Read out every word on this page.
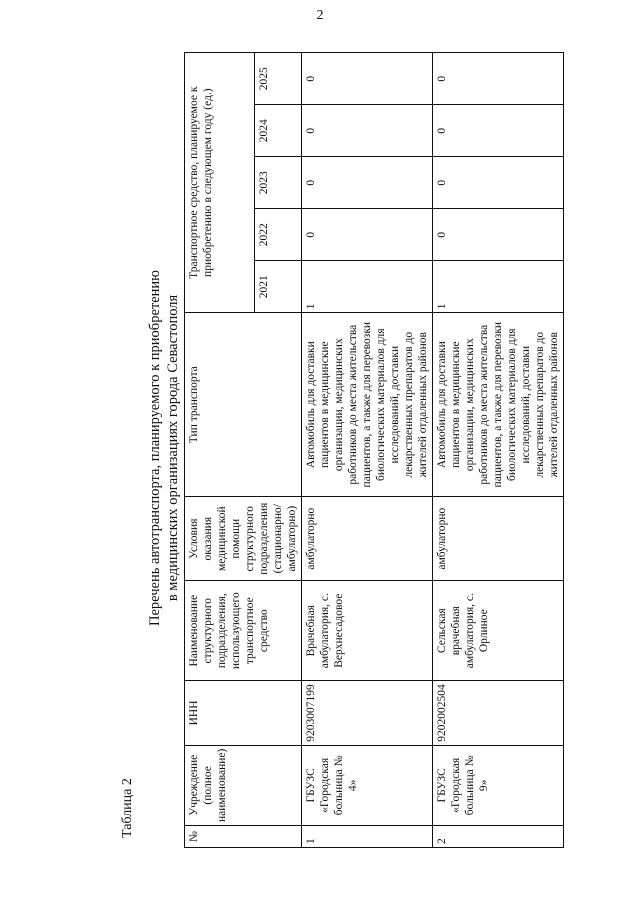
2
Таблица 2
Перечень автотранспорта, планируемого к приобретению в медицинских организациях города Севастополя
№	Учреждение (полное наименование)	ИНН	Наименование структурного подразделения, использующего транспортное средство	Условия оказания медицинской помощи структурного подразделения (стационарно/амбулаторно)	Тип транспорта	Транспортное средство, планируемое к приобретению в следующем году (ед.)				
						2021	2022	2023	2024	2025
1	ГБУЗС «Городская больница № 4»	9203007199	Врачебная амбулатория, с. Верхнесадовое	амбулаторно	Автомобиль для доставки пациентов в медицинские организации, медицинских работников до места жительства пациентов, а также для перевозки биологических материалов для исследований, доставки лекарственных препаратов до жителей отдаленных районов	1	0	0	0	0
2	ГБУЗС «Городская больница № 9»	9202002504	Сельская врачебная амбулатория, с. Орлиное	амбулаторно	Автомобиль для доставки пациентов в медицинские организации, медицинских работников до места жительства пациентов, а также для перевозки биологических материалов для исследований, доставки лекарственных препаратов до жителей отдаленных районов	1	0	0	0	0
